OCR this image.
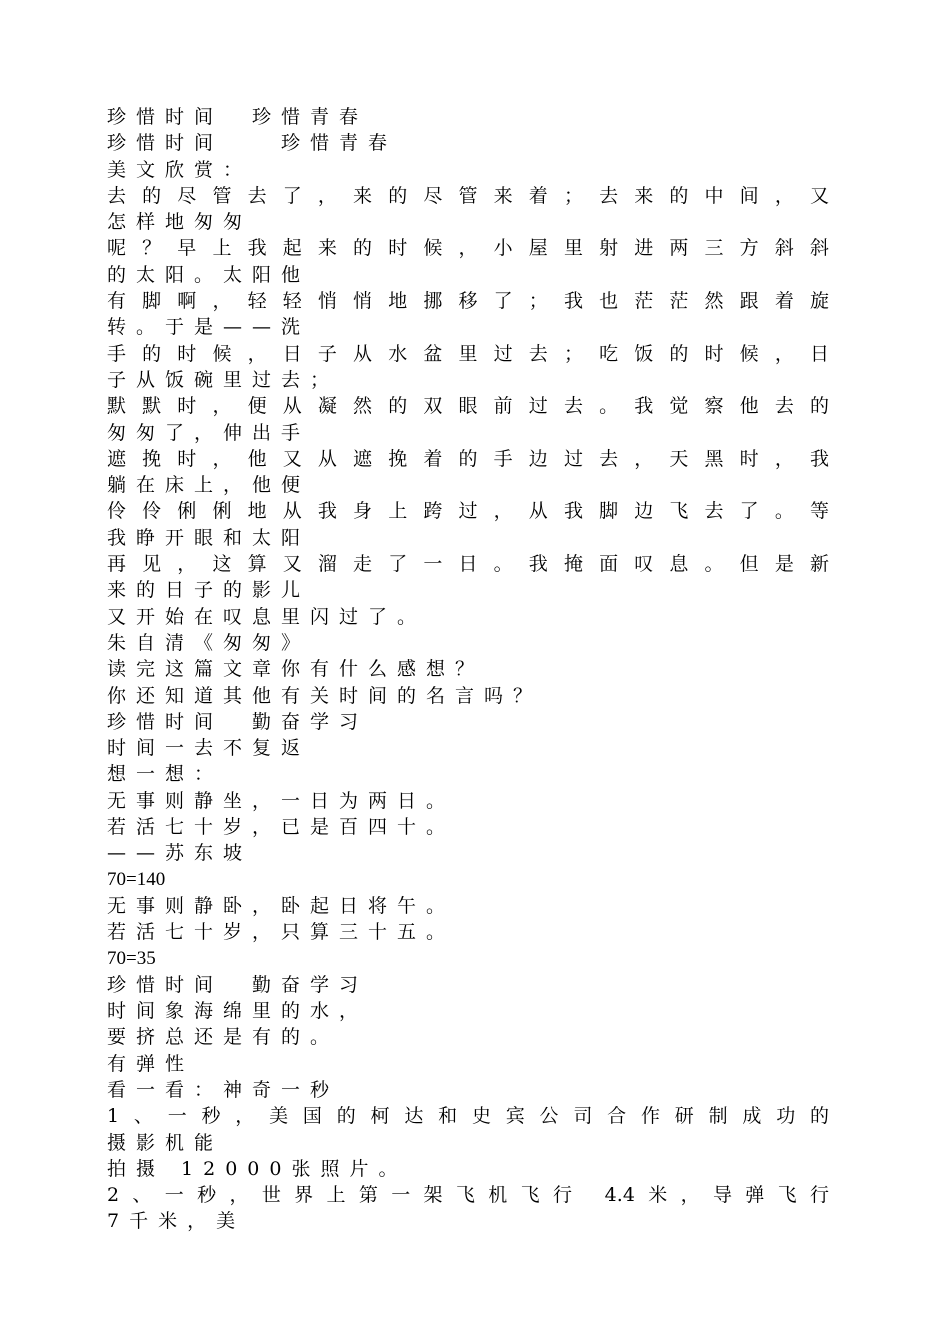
珍惜时间　珍惜青春
珍惜时间　　珍惜青春
美文欣赏：
去的尽管去了，来的尽管来着；去来的中间，又
怎样地匆匆
呢？早上我起来的时候，小屋里射进两三方斜斜
的太阳。太阳他
有脚啊，轻轻悄悄地挪移了；我也茫茫然跟着旋
转。于是——洗
手的时候，日子从水盆里过去；吃饭的时候，日
子从饭碗里过去；
默默时，便从凝然的双眼前过去。我觉察他去的
匆匆了，伸出手
遮挽时，他又从遮挽着的手边过去，天黑时，我
躺在床上，他便
伶伶俐俐地从我身上跨过，从我脚边飞去了。等
我睁开眼和太阳
再见，这算又溜走了一日。我掩面叹息。但是新
来的日子的影儿
又开始在叹息里闪过了。
朱自清《匆匆》
读完这篇文章你有什么感想？
你还知道其他有关时间的名言吗？
珍惜时间　勤奋学习
时间一去不复返
想一想：
无事则静坐，一日为两日。
若活七十岁，已是百四十。
——苏东坡
70=140
无事则静卧，卧起日将午。
若活七十岁，只算三十五。
70=35
珍惜时间　勤奋学习
时间象海绵里的水，
要挤总还是有的。
有弹性
看一看：神奇一秒
1、一秒，美国的柯达和史宾公司合作研制成功的
摄影机能
拍摄 12000张照片。
2、一秒，世界上第一架飞机飞行 4.4米，导弹飞行
7千米，美
